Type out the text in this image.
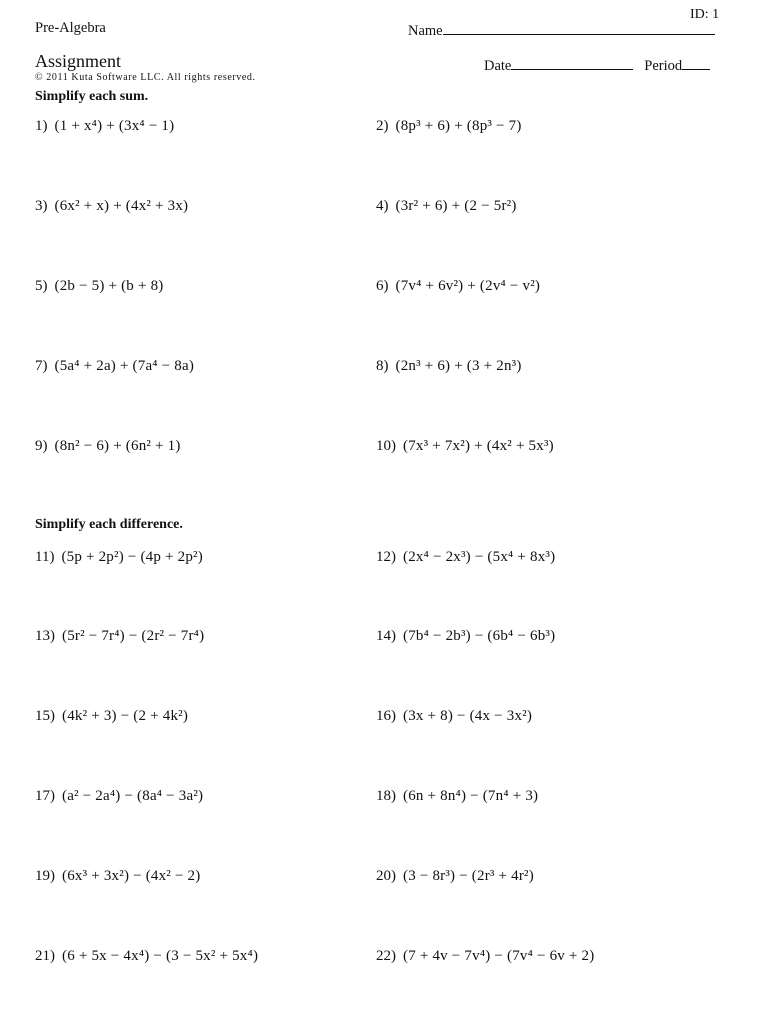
ID: 1
Pre-Algebra	Name
Assignment
© 2011 Kuta Software LLC. All rights reserved.
Date	Period
Simplify each sum.
Simplify each difference.
1) (1 + x⁴) + (3x⁴ − 1)	2) (8p³ + 6) + (8p³ − 7)
3) (6x² + x) + (4x² + 3x)	4) (3r² + 6) + (2 − 5r²)
5) (2b − 5) + (b + 8)	6) (7v⁴ + 6v²) + (2v⁴ − v²)
7) (5a⁴ + 2a) + (7a⁴ − 8a)	8) (2n³ + 6) + (3 + 2n³)
9) (8n² − 6) + (6n² + 1)	10) (7x³ + 7x²) + (4x² + 5x³)
11) (5p + 2p²) − (4p + 2p²)	12) (2x⁴ − 2x³) − (5x⁴ + 8x³)
13) (5r² − 7r⁴) − (2r² − 7r⁴)	14) (7b⁴ − 2b³) − (6b⁴ − 6b³)
15) (4k² + 3) − (2 + 4k²)	16) (3x + 8) − (4x − 3x²)
17) (a² − 2a⁴) − (8a⁴ − 3a²)	18) (6n + 8n⁴) − (7n⁴ + 3)
19) (6x³ + 3x²) − (4x² − 2)	20) (3 − 8r³) − (2r³ + 4r²)
21) (6 + 5x − 4x⁴) − (3 − 5x² + 5x⁴)	22) (7 + 4v − 7v⁴) − (7v⁴ − 6v + 2)
